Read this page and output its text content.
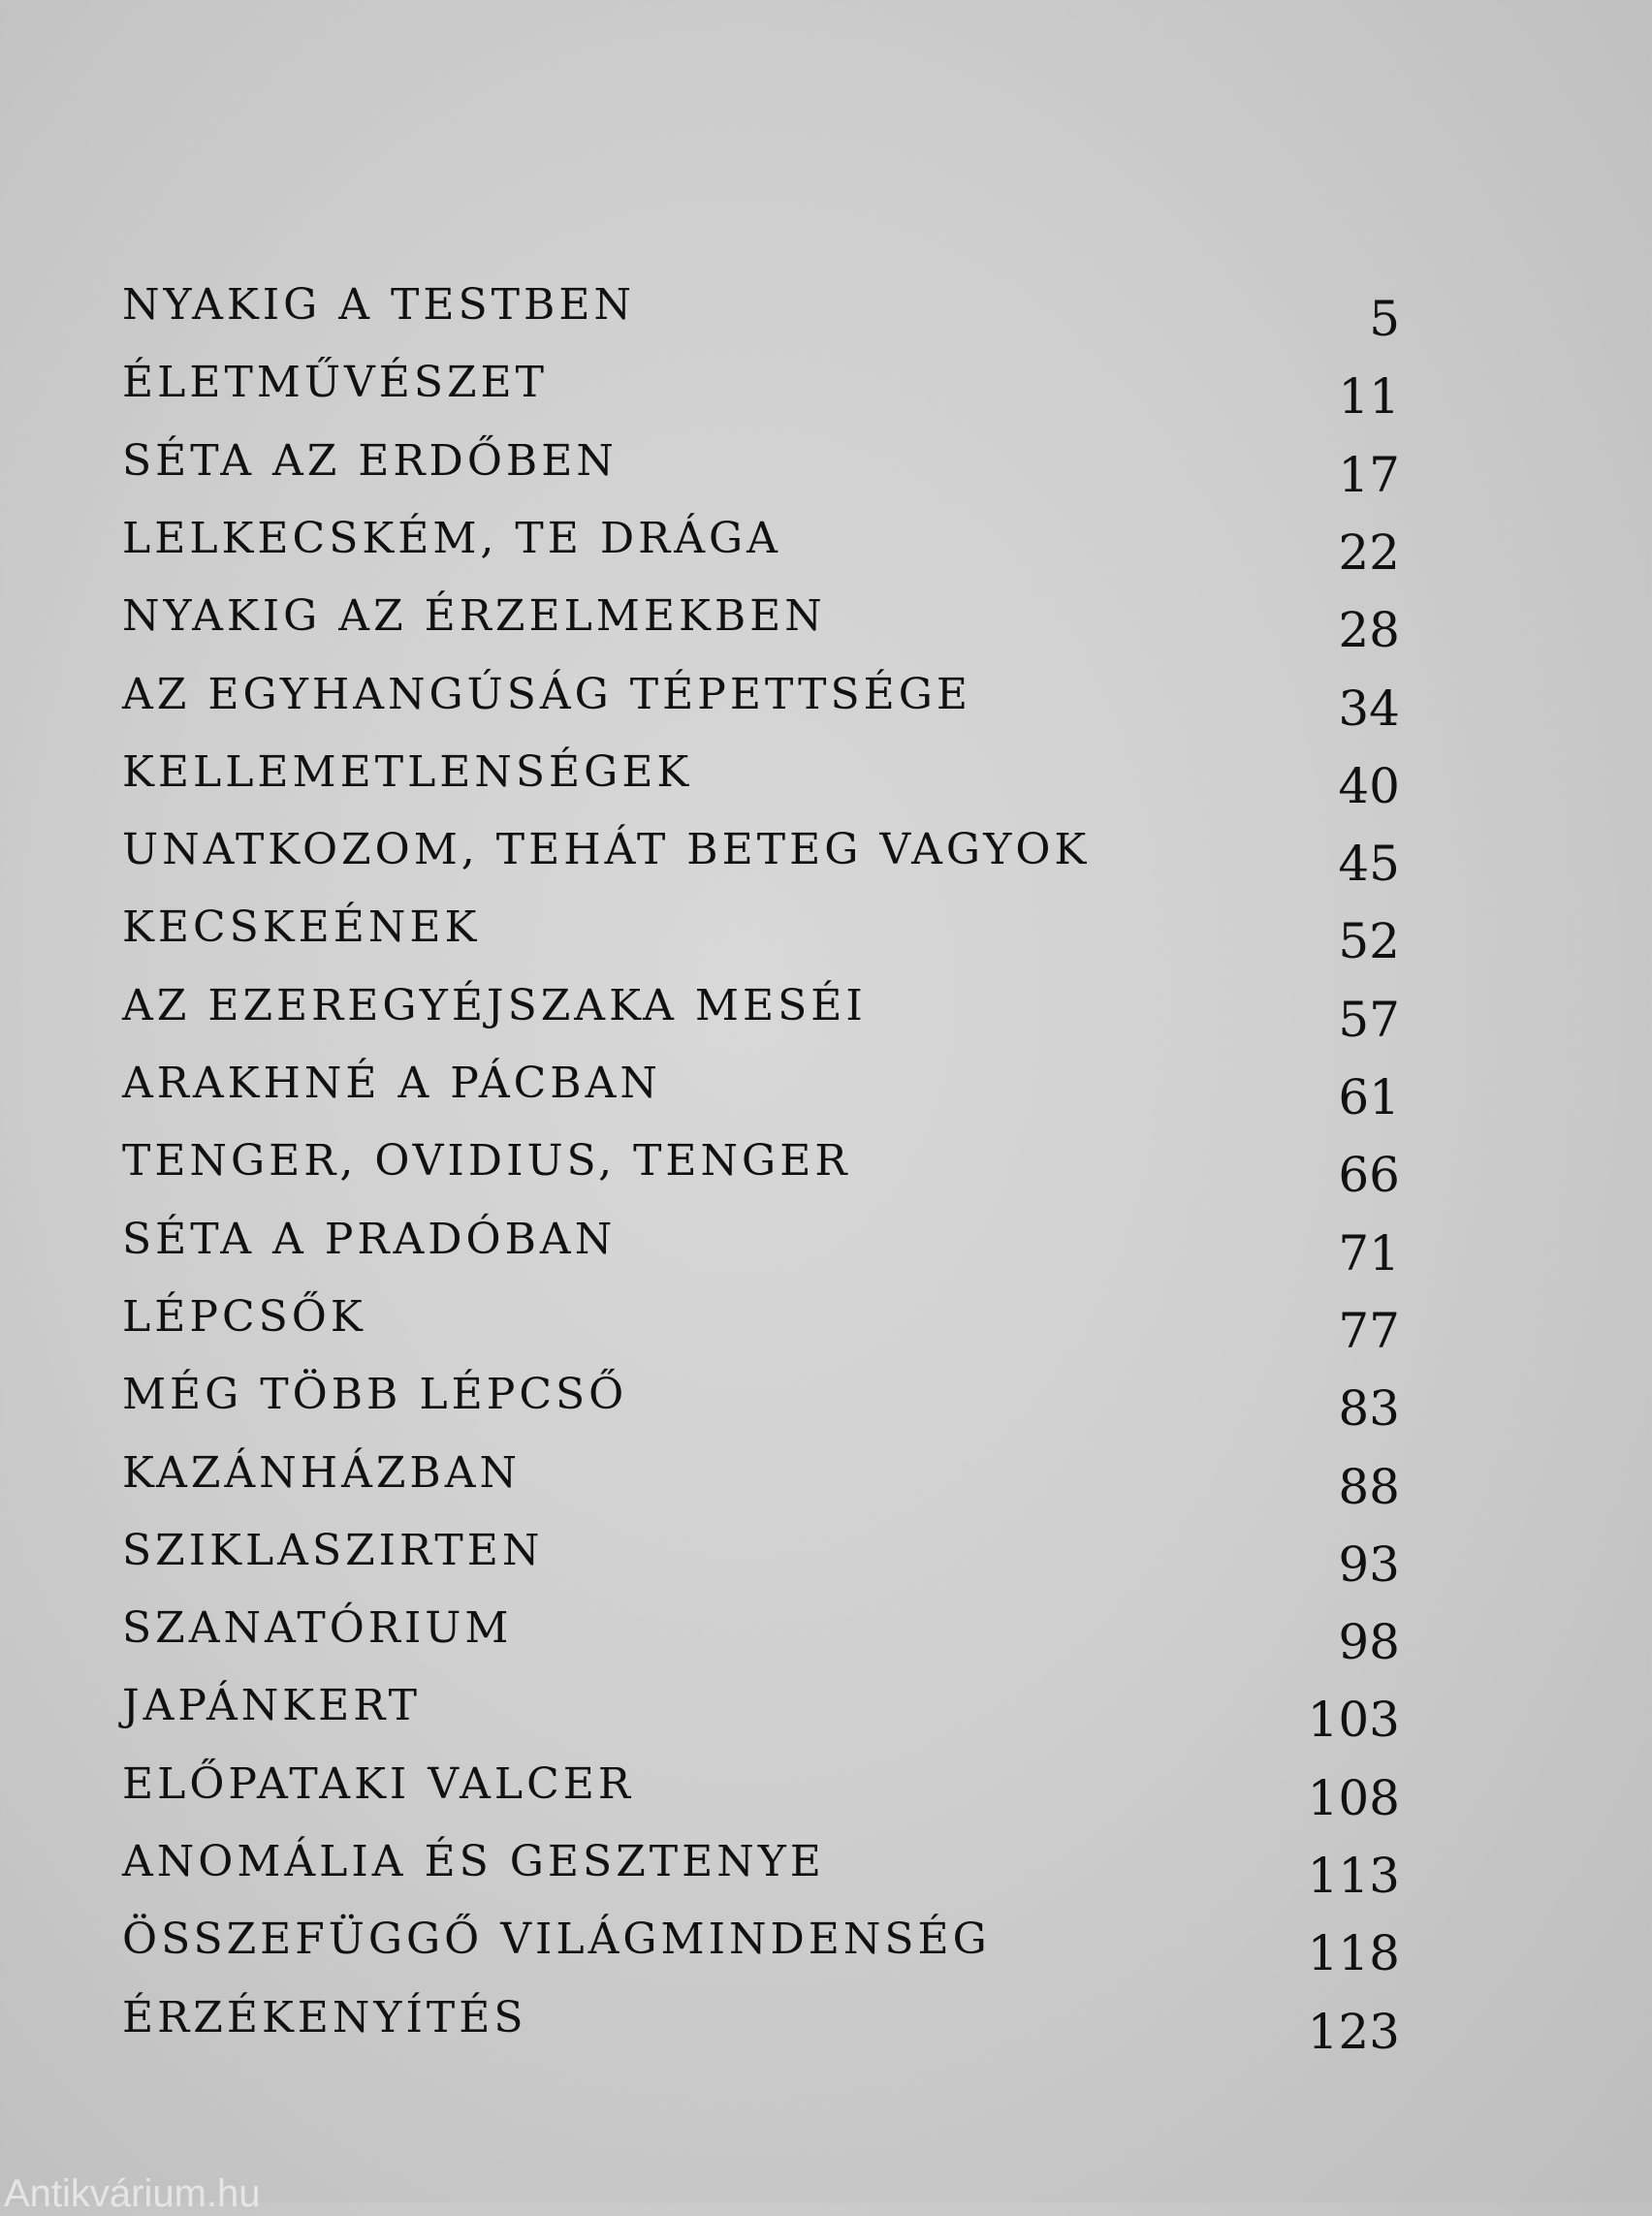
NYAKIG A TESTBEN	5
ÉLETMŰVÉSZET	11
SÉTA AZ ERDŐBEN	17
LELKECSKÉM, TE DRÁGA	22
NYAKIG AZ ÉRZELMEKBEN	28
AZ EGYHANGÚSÁG TÉPETTSÉGE	34
KELLEMETLENSÉGEK	40
UNATKOZOM, TEHÁT BETEG VAGYOK	45
KECSKEÉNEK	52
AZ EZEREGYÉJSZAKA MESÉI	57
ARAKHNÉ A PÁCBAN	61
TENGER, OVIDIUS, TENGER	66
SÉTA A PRADÓBAN	71
LÉPCSŐK	77
MÉG TÖBB LÉPCSŐ	83
KAZÁNHÁZBAN	88
SZIKLASZIRTEN	93
SZANATÓRIUM	98
JAPÁNKERT	103
ELŐPATAKI VALCER	108
ANOMÁLIA ÉS GESZTENYE	113
ÖSSZEFÜGGŐ VILÁGMINDENSÉG	118
ÉRZÉKENYÍTÉS	123
Antikvárium.hu
